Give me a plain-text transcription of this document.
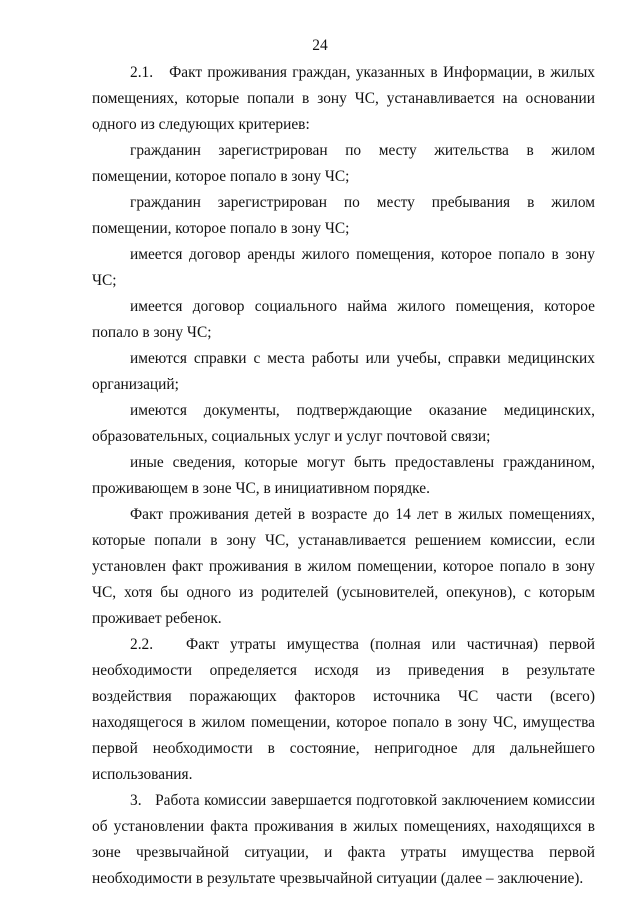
24

2.1.   Факт проживания граждан, указанных в Информации, в жилых помещениях, которые попали в зону ЧС, устанавливается на основании одного из следующих критериев:

гражданин зарегистрирован по месту жительства в жилом помещении, которое попало в зону ЧС;

гражданин зарегистрирован по месту пребывания в жилом помещении, которое попало в зону ЧС;

имеется договор аренды жилого помещения, которое попало в зону ЧС;

имеется договор социального найма жилого помещения, которое попало в зону ЧС;

имеются справки с места работы или учебы, справки медицинских организаций;

имеются документы, подтверждающие оказание медицинских, образовательных, социальных услуг и услуг почтовой связи;

иные сведения, которые могут быть предоставлены гражданином, проживающем в зоне ЧС, в инициативном порядке.

Факт проживания детей в возрасте до 14 лет в жилых помещениях, которые попали в зону ЧС, устанавливается решением комиссии, если установлен факт проживания в жилом помещении, которое попало в зону ЧС, хотя бы одного из родителей (усыновителей, опекунов), с которым проживает ребенок.

2.2.   Факт утраты имущества (полная или частичная) первой необходимости определяется исходя из приведения в результате воздействия поражающих факторов источника ЧС части (всего) находящегося в жилом помещении, которое попало в зону ЧС, имущества первой необходимости в состояние, непригодное для дальнейшего использования.

3.   Работа комиссии завершается подготовкой заключением комиссии об установлении факта проживания в жилых помещениях, находящихся в зоне чрезвычайной ситуации, и факта утраты имущества первой необходимости в результате чрезвычайной ситуации (далее – заключение).
